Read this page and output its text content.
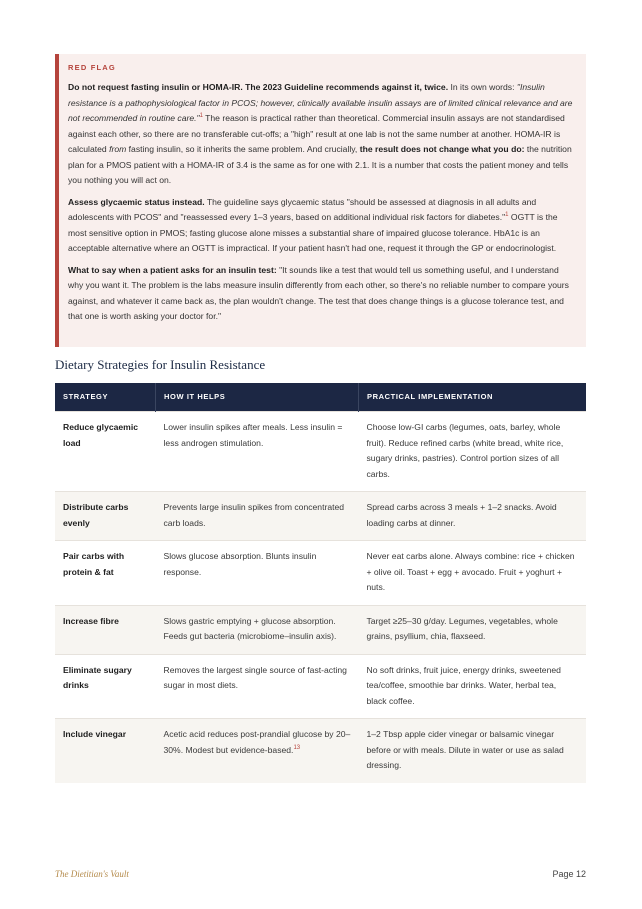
RED FLAG

Do not request fasting insulin or HOMA-IR. The 2023 Guideline recommends against it, twice. In its own words: "Insulin resistance is a pathophysiological factor in PCOS; however, clinically available insulin assays are of limited clinical relevance and are not recommended in routine care."$^1$ The reason is practical rather than theoretical. Commercial insulin assays are not standardised against each other, so there are no transferable cut-offs; a "high" result at one lab is not the same number at another. HOMA-IR is calculated from fasting insulin, so it inherits the same problem. And crucially, the result does not change what you do: the nutrition plan for a PMOS patient with a HOMA-IR of 3.4 is the same as for one with 2.1. It is a number that costs the patient money and tells you nothing you will act on.

Assess glycaemic status instead. The guideline says glycaemic status "should be assessed at diagnosis in all adults and adolescents with PCOS" and "reassessed every 1–3 years, based on additional individual risk factors for diabetes."$^1$ OGTT is the most sensitive option in PMOS; fasting glucose alone misses a substantial share of impaired glucose tolerance. HbA1c is an acceptable alternative where an OGTT is impractical. If your patient hasn't had one, request it through the GP or endocrinologist.

What to say when a patient asks for an insulin test: "It sounds like a test that would tell us something useful, and I understand why you want it. The problem is the labs measure insulin differently from each other, so there's no reliable number to compare yours against, and whatever it came back as, the plan wouldn't change. The test that does change things is a glucose tolerance test, and that one is worth asking your doctor for."

Dietary Strategies for Insulin Resistance
STRATEGY	HOW IT HELPS	PRACTICAL IMPLEMENTATION
Reduce glycaemic load	Lower insulin spikes after meals. Less insulin = less androgen stimulation.	Choose low-GI carbs (legumes, oats, barley, whole fruit). Reduce refined carbs (white bread, white rice, sugary drinks, pastries). Control portion sizes of all carbs.
Distribute carbs evenly	Prevents large insulin spikes from concentrated carb loads.	Spread carbs across 3 meals + 1–2 snacks. Avoid loading carbs at dinner.
Pair carbs with protein & fat	Slows glucose absorption. Blunts insulin response.	Never eat carbs alone. Always combine: rice + chicken + olive oil. Toast + egg + avocado. Fruit + yoghurt + nuts.
Increase fibre	Slows gastric emptying + glucose absorption. Feeds gut bacteria (microbiome–insulin axis).	Target ≥25–30 g/day. Legumes, vegetables, whole grains, psyllium, chia, flaxseed.
Eliminate sugary drinks	Removes the largest single source of fast-acting sugar in most diets.	No soft drinks, fruit juice, energy drinks, sweetened tea/coffee, smoothie bar drinks. Water, herbal tea, black coffee.
Include vinegar	Acetic acid reduces post-prandial glucose by 20–30%. Modest but evidence-based.$^{13}$	1–2 Tbsp apple cider vinegar or balsamic vinegar before or with meals. Dilute in water or use as salad dressing.
The Dietitian's Vault	Page 12
